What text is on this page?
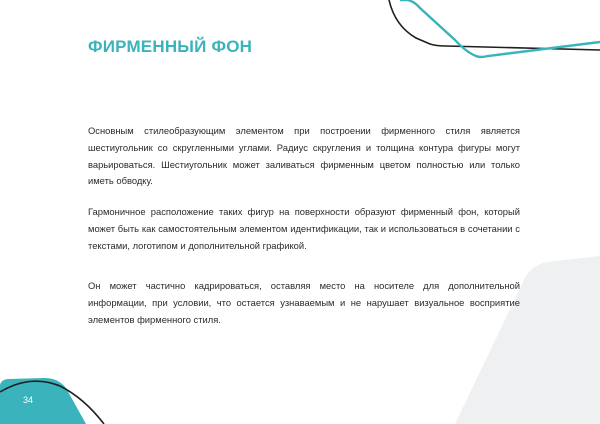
ФИРМЕННЫЙ ФОН

Основным стилеобразующим элементом при построении фирменного стиля является шестиугольник со скругленными углами. Радиус скругления и толщина контура фигуры могут варьироваться. Шестиугольник может заливаться фирменным цветом полностью или только иметь обводку.

Гармоничное расположение таких фигур на поверхности образуют фирменный фон, который может быть как самостоятельным элементом идентификации, так и использоваться в сочетании с текстами, логотипом и дополнительной графикой.

Он может частично кадрироваться, оставляя место на носителе для дополнительной информации, при условии, что остается узнаваемым и не нарушает визуальное восприятие элементов фирменного стиля.

34
